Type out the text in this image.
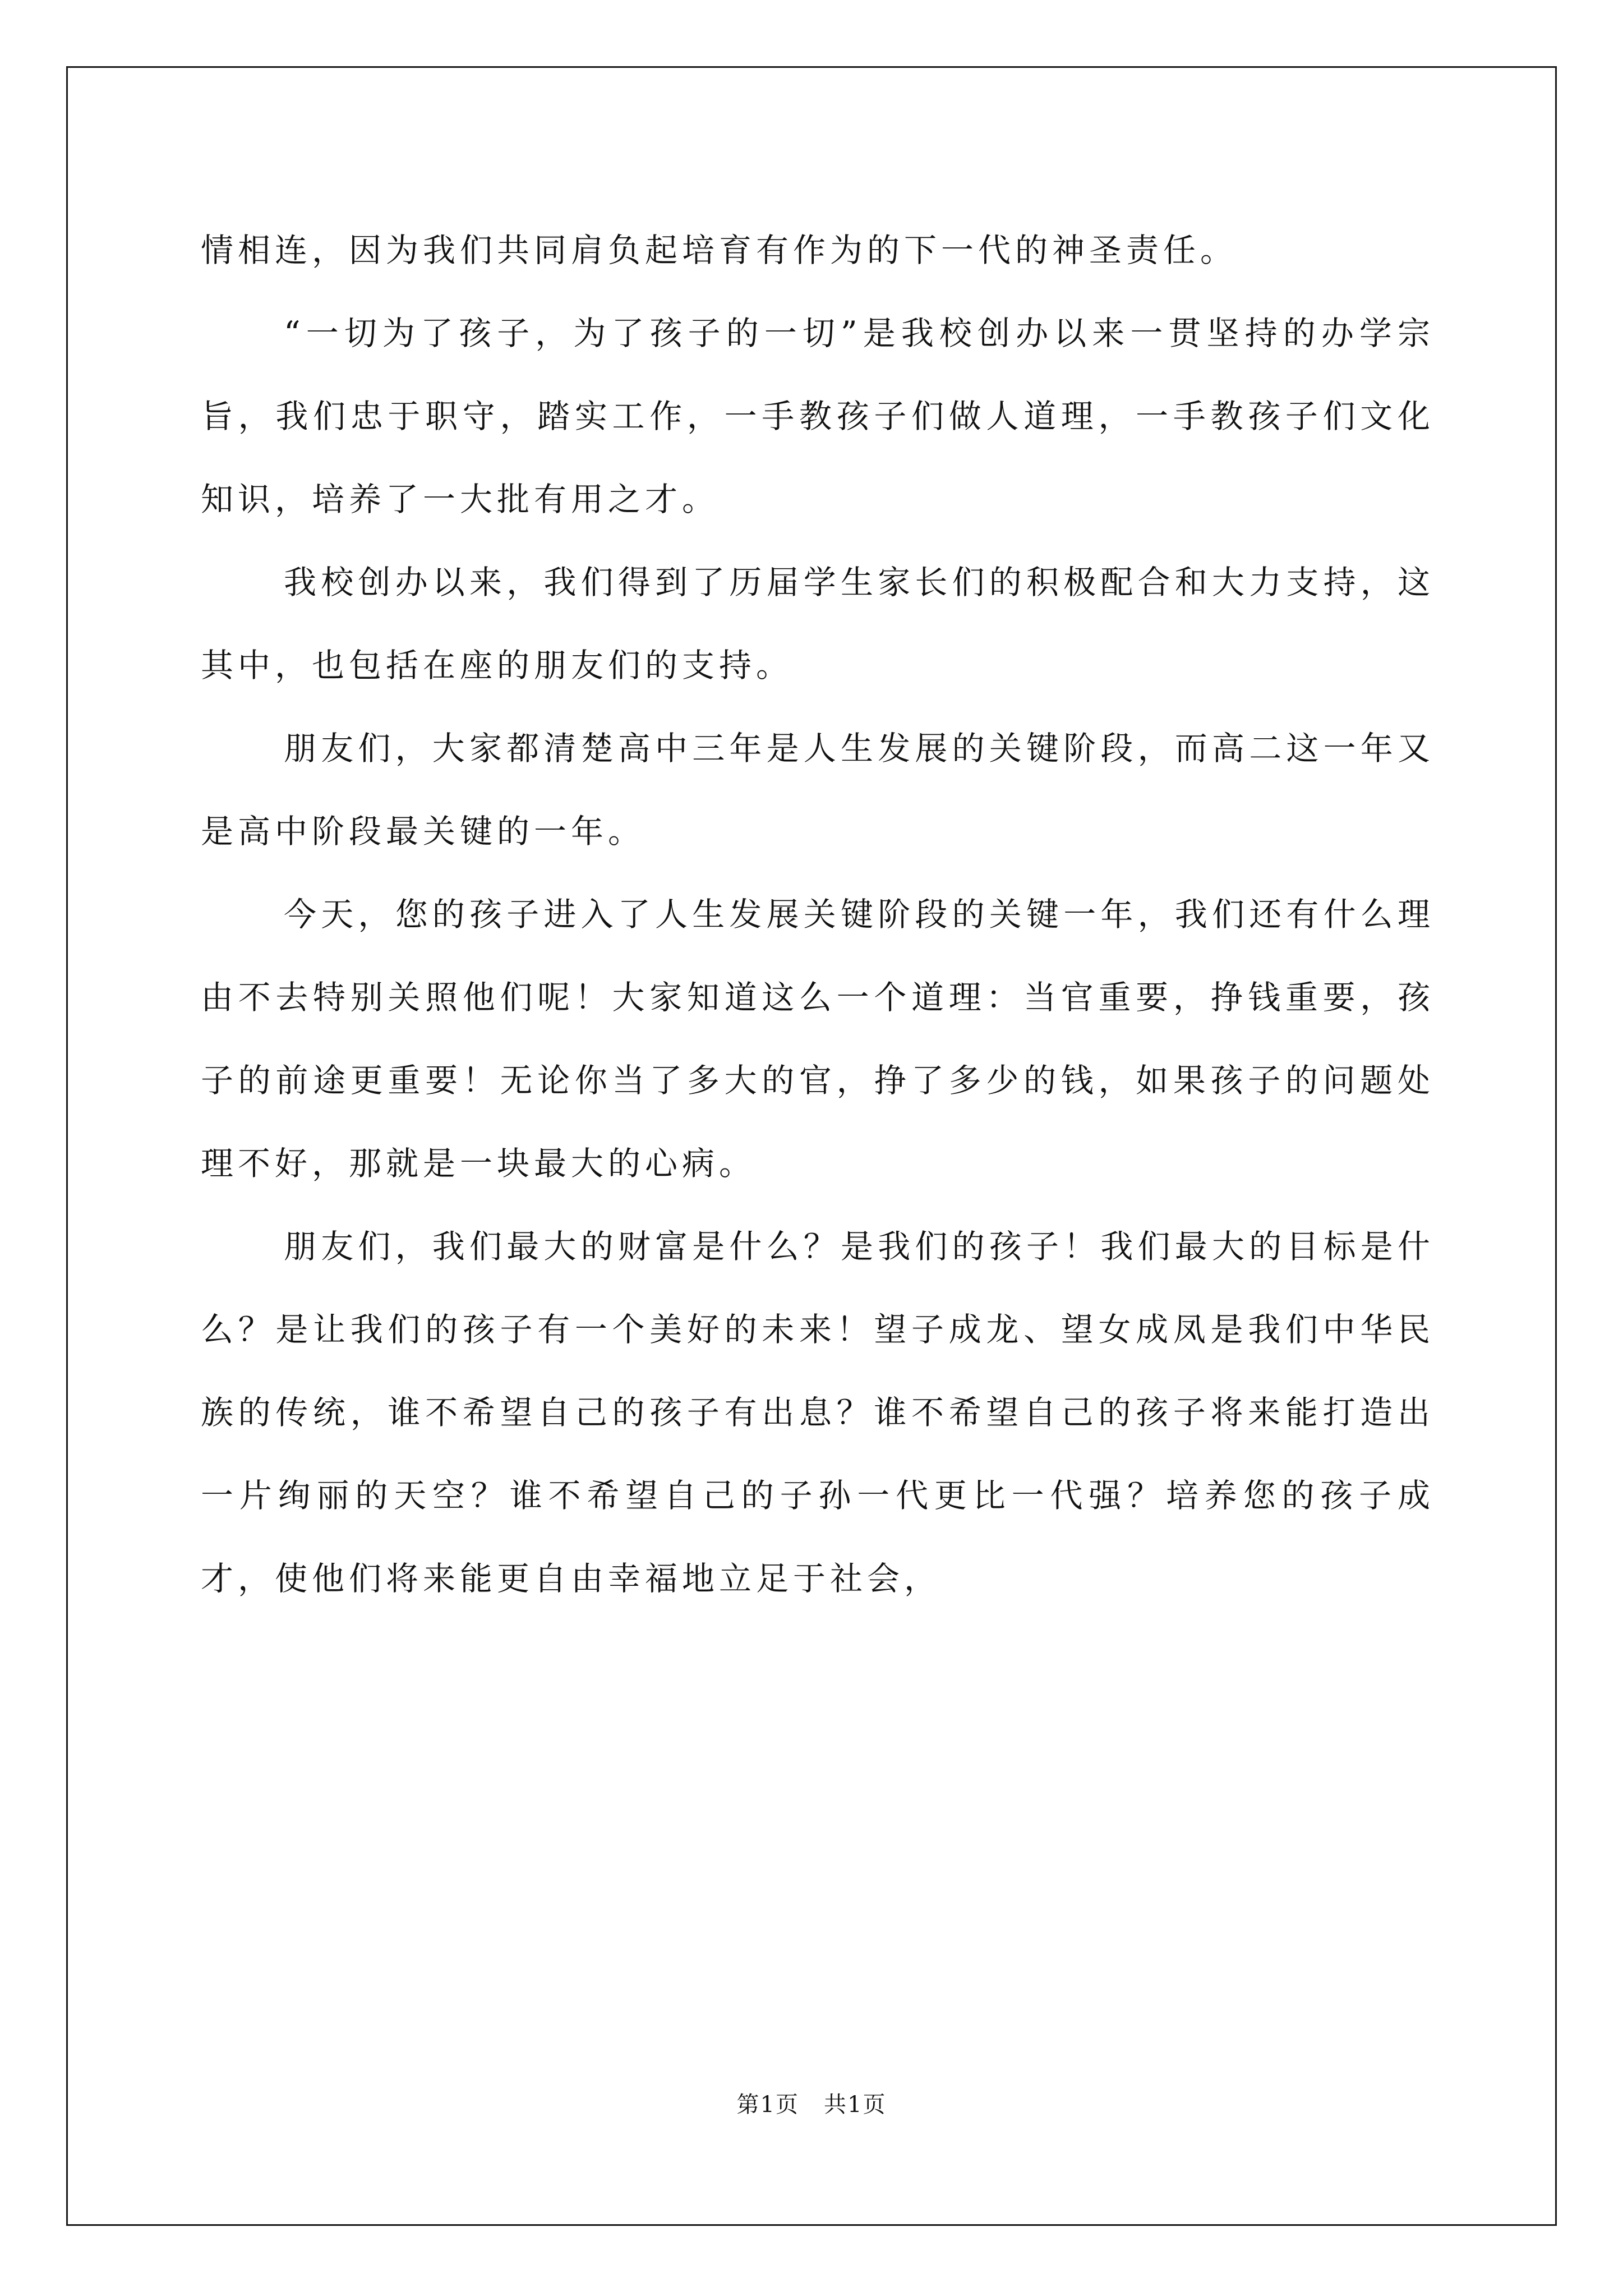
情相连，因为我们共同肩负起培育有作为的下一代的神圣责任。

“一切为了孩子，为了孩子的一切”是我校创办以来一贯坚持的办学宗旨，我们忠于职守，踏实工作，一手教孩子们做人道理，一手教孩子们文化知识，培养了一大批有用之才。

我校创办以来，我们得到了历届学生家长们的积极配合和大力支持，这其中，也包括在座的朋友们的支持。

朋友们，大家都清楚高中三年是人生发展的关键阶段，而高二这一年又是高中阶段最关键的一年。

今天，您的孩子进入了人生发展关键阶段的关键一年，我们还有什么理由不去特别关照他们呢！大家知道这么一个道理：当官重要，挣钱重要，孩子的前途更重要！无论你当了多大的官，挣了多少的钱，如果孩子的问题处理不好，那就是一块最大的心病。

朋友们，我们最大的财富是什么？是我们的孩子！我们最大的目标是什么？是让我们的孩子有一个美好的未来！望子成龙、望女成凤是我们中华民族的传统，谁不希望自己的孩子有出息？谁不希望自己的孩子将来能打造出一片绚丽的天空？谁不希望自己的子孙一代更比一代强？培养您的孩子成才，使他们将来能更自由幸福地立足于社会，

第1页 共1页
